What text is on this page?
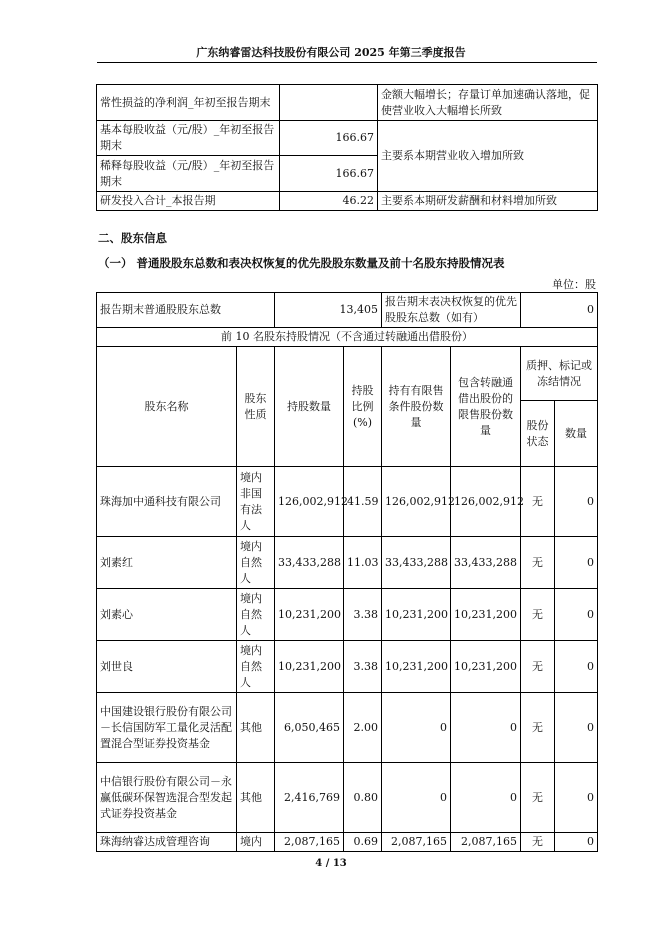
广东纳睿雷达科技股份有限公司 2025 年第三季度报告
常性损益的净利润_年初至报告期末		金额大幅增长；存量订单加速确认落地，促使营业收入大幅增长所致
基本每股收益（元/股）_年初至报告期末	166.67	主要系本期营业收入增加所致
稀释每股收益（元/股）_年初至报告期末	166.67	
研发投入合计_本报告期	46.22	主要系本期研发薪酬和材料增加所致
二、股东信息
（一） 普通股股东总数和表决权恢复的优先股股东数量及前十名股东持股情况表
单位：股
报告期末普通股股东总数		13,405		报告期末表决权恢复的优先股股东总数（如有）		0	
前 10 名股东持股情况（不含通过转融通出借股份）							
股东名称	股东性质	持股数量	持股比例(%)	持有有限售条件股份数量	包含转融通借出股份的限售股份数量	质押、标记或冻结情况	
						股份状态	数量
珠海加中通科技有限公司	境内非国有法人	126,002,912	41.59	126,002,912	126,002,912	无	0
刘素红	境内自然人	33,433,288	11.03	33,433,288	33,433,288	无	0
刘素心	境内自然人	10,231,200	3.38	10,231,200	10,231,200	无	0
刘世良	境内自然人	10,231,200	3.38	10,231,200	10,231,200	无	0
中国建设银行股份有限公司－长信国防军工量化灵活配置混合型证券投资基金	其他	6,050,465	2.00	0	0	无	0
中信银行股份有限公司－永赢低碳环保智选混合型发起式证券投资基金	其他	2,416,769	0.80	0	0	无	0
珠海纳睿达成管理咨询	境内	2,087,165	0.69	2,087,165	2,087,165	无	0
4 / 13
